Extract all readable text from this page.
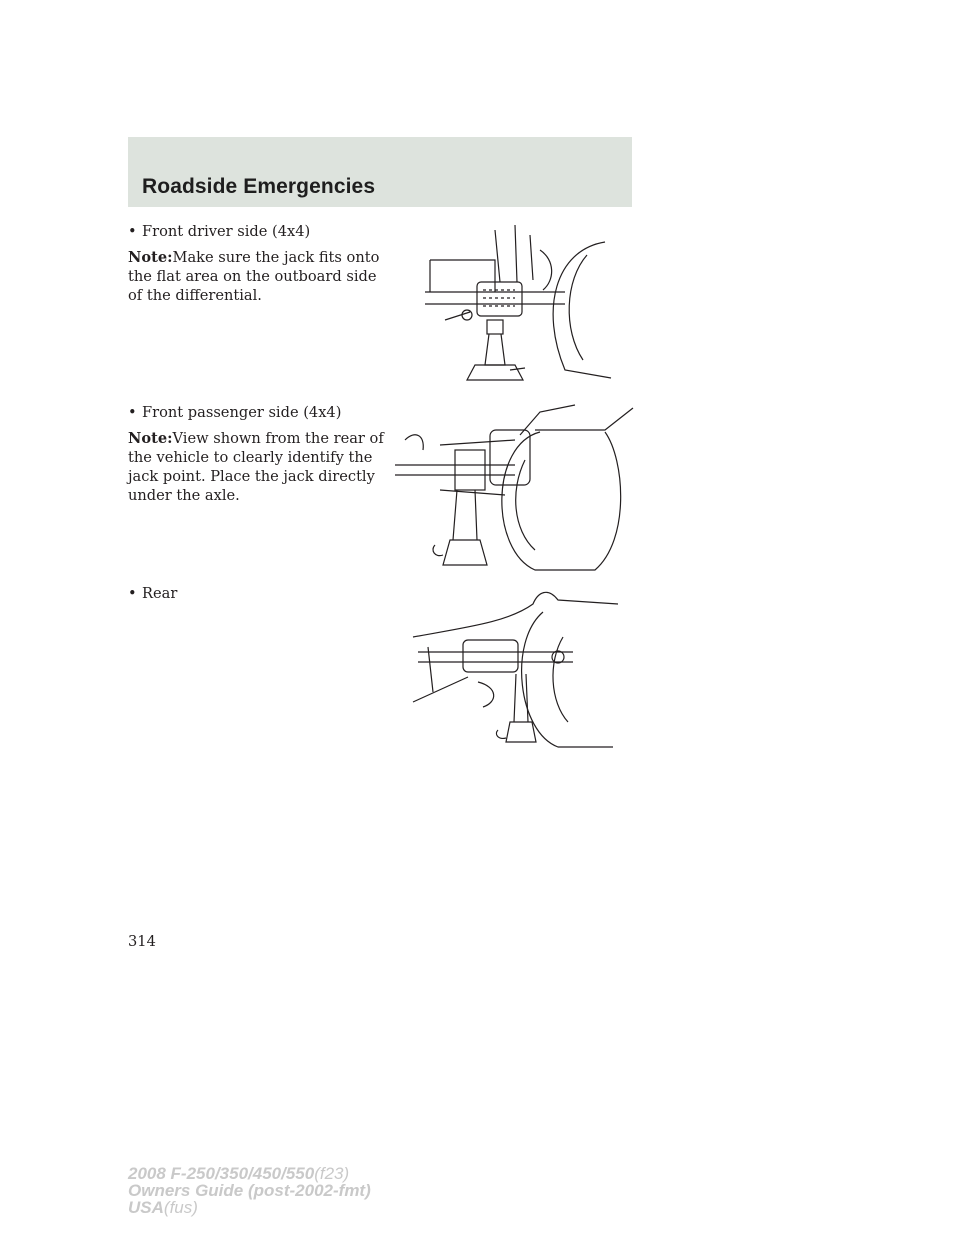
Roadside Emergencies

• Front driver side (4x4)

Note:Make sure the jack fits onto the flat area on the outboard side of the differential.

• Front passenger side (4x4)

Note:View shown from the rear of the vehicle to clearly identify the jack point. Place the jack directly under the axle.

• Rear

314
2008 F-250/350/450/550(f23)
Owners Guide (post-2002-fmt)
USA(fus)
